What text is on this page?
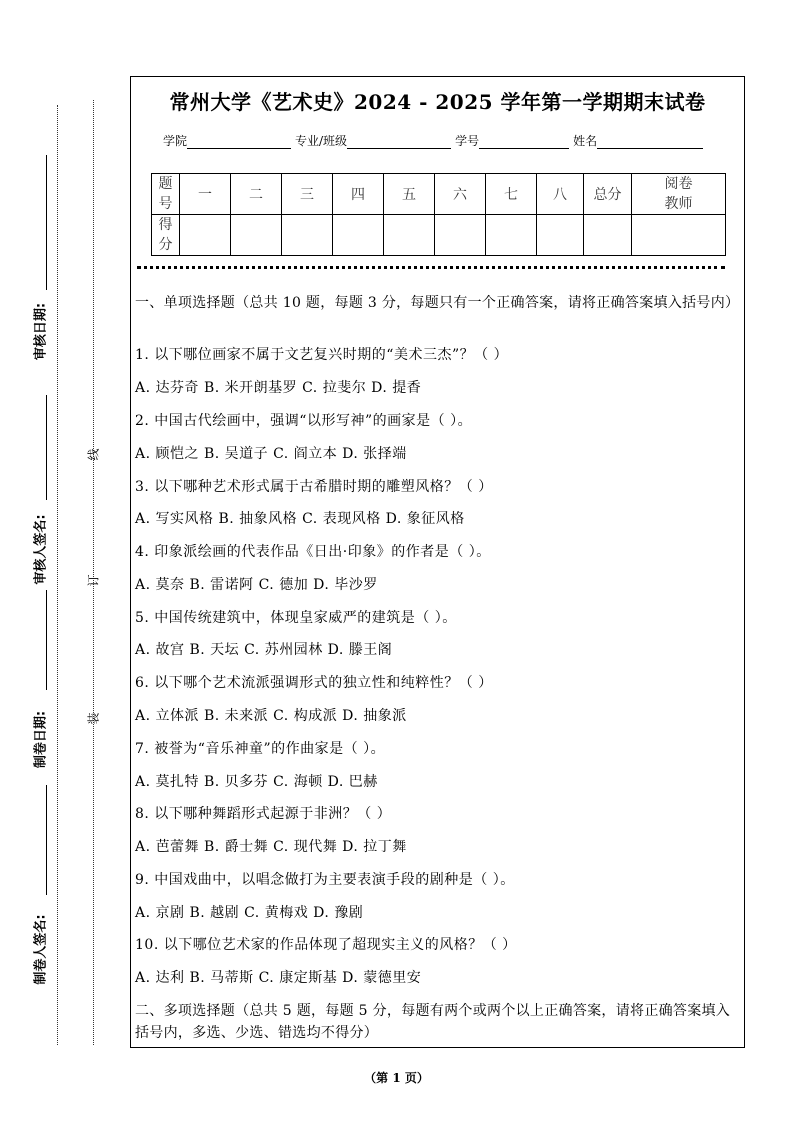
审核日期:
审核人签名:
制卷日期:
制卷人签名:
线
订
装
常州大学《艺术史》2024 - 2025 学年第一学期期末试卷
学院	专业/班级	学号	姓名
题号	一	二	三	四	五	六	七	八	总分	阅卷教师
得分										
一、单项选择题（总共 10 题，每题 3 分，每题只有一个正确答案，请将正确答案填入括号内）
1. 以下哪位画家不属于文艺复兴时期的“美术三杰”？（ ）
A. 达芬奇 B. 米开朗基罗 C. 拉斐尔 D. 提香
2. 中国古代绘画中，强调“以形写神”的画家是（ ）。
A. 顾恺之 B. 吴道子 C. 阎立本 D. 张择端
3. 以下哪种艺术形式属于古希腊时期的雕塑风格？（ ）
A. 写实风格 B. 抽象风格 C. 表现风格 D. 象征风格
4. 印象派绘画的代表作品《日出·印象》的作者是（ ）。
A. 莫奈 B. 雷诺阿 C. 德加 D. 毕沙罗
5. 中国传统建筑中，体现皇家威严的建筑是（ ）。
A. 故宫 B. 天坛 C. 苏州园林 D. 滕王阁
6. 以下哪个艺术流派强调形式的独立性和纯粹性？（ ）
A. 立体派 B. 未来派 C. 构成派 D. 抽象派
7. 被誉为“音乐神童”的作曲家是（ ）。
A. 莫扎特 B. 贝多芬 C. 海顿 D. 巴赫
8. 以下哪种舞蹈形式起源于非洲？（ ）
A. 芭蕾舞 B. 爵士舞 C. 现代舞 D. 拉丁舞
9. 中国戏曲中，以唱念做打为主要表演手段的剧种是（ ）。
A. 京剧 B. 越剧 C. 黄梅戏 D. 豫剧
10. 以下哪位艺术家的作品体现了超现实主义的风格？（ ）
A. 达利 B. 马蒂斯 C. 康定斯基 D. 蒙德里安
二、多项选择题（总共 5 题，每题 5 分，每题有两个或两个以上正确答案，请将正确答案填入括号内，多选、少选、错选均不得分）
（第 1 页）
